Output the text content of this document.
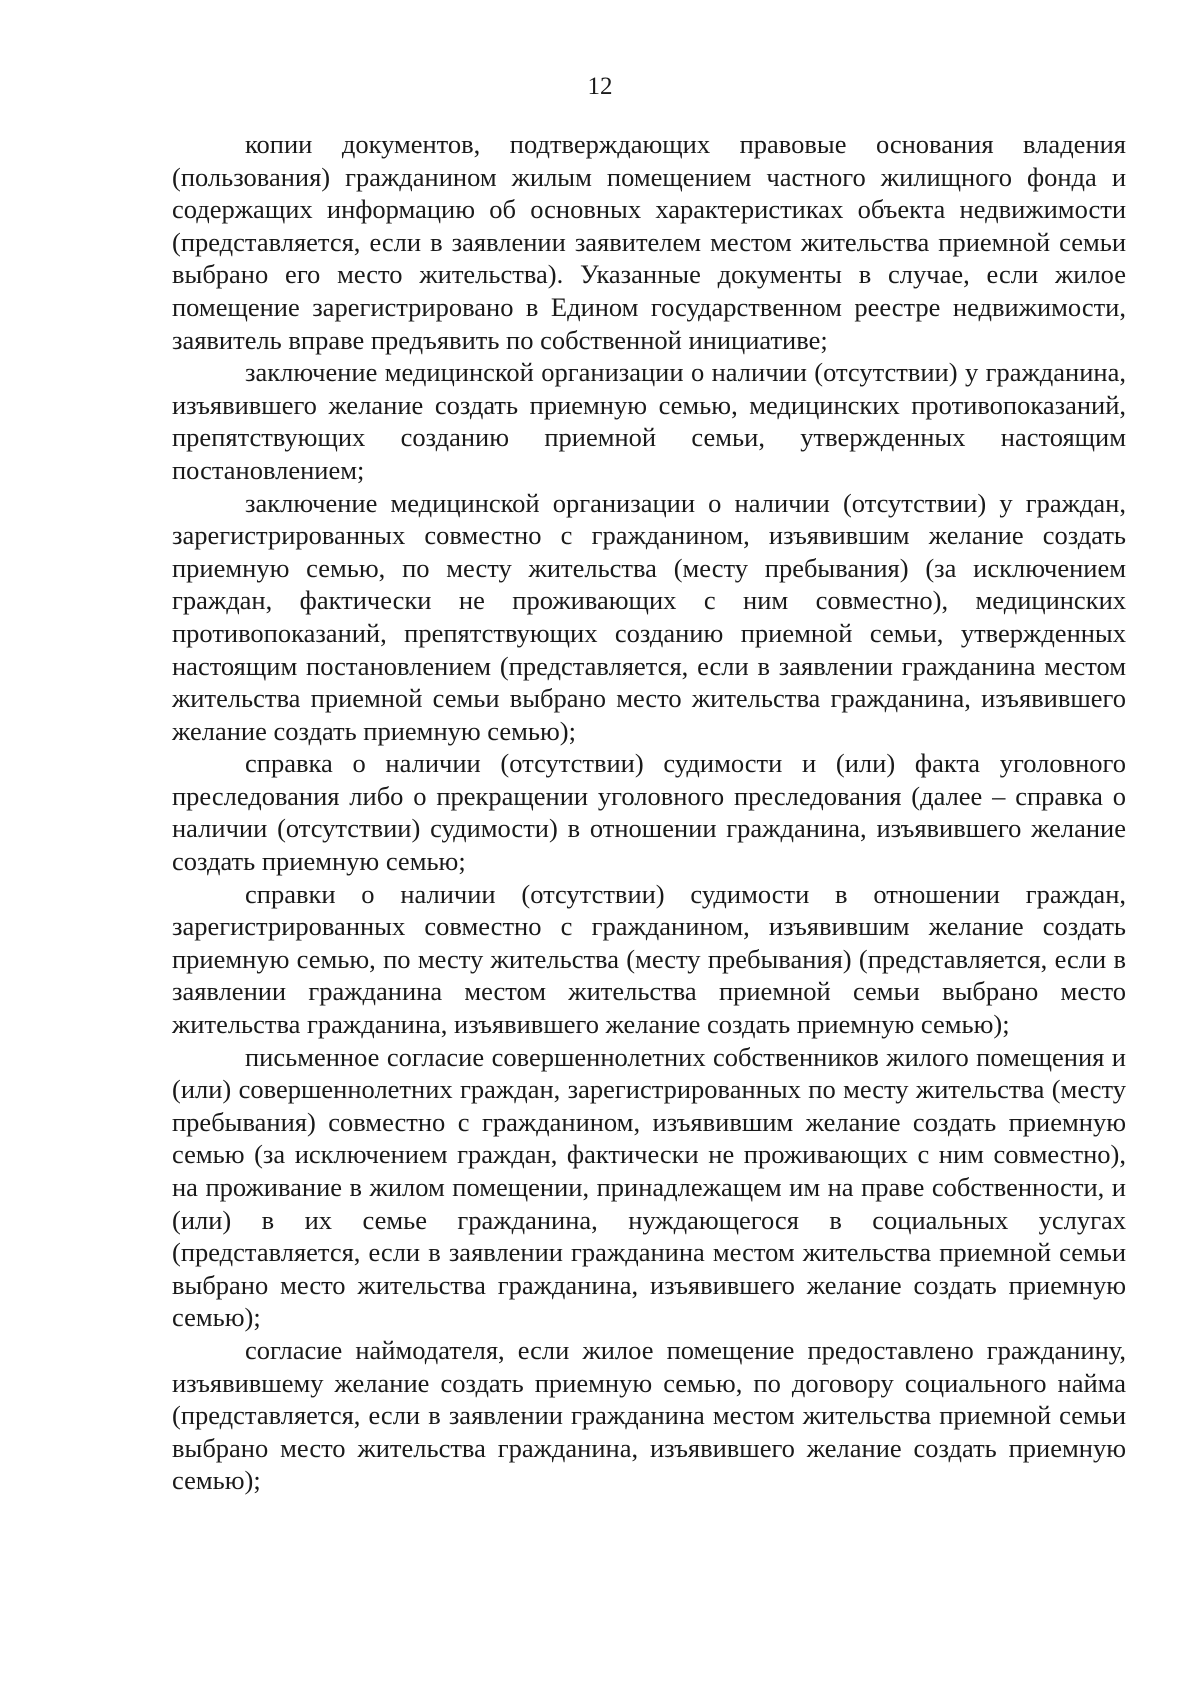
12

копии документов, подтверждающих правовые основания владения (пользования) гражданином жилым помещением частного жилищного фонда и содержащих информацию об основных характеристиках объекта недвижимости (представляется, если в заявлении заявителем местом жительства приемной семьи выбрано его место жительства). Указанные документы в случае, если жилое помещение зарегистрировано в Едином государственном реестре недвижимости, заявитель вправе предъявить по собственной инициативе;

заключение медицинской организации о наличии (отсутствии) у гражданина, изъявившего желание создать приемную семью, медицинских противопоказаний, препятствующих созданию приемной семьи, утвержденных настоящим постановлением;

заключение медицинской организации о наличии (отсутствии) у граждан, зарегистрированных совместно с гражданином, изъявившим желание создать приемную семью, по месту жительства (месту пребывания) (за исключением граждан, фактически не проживающих с ним совместно), медицинских противопоказаний, препятствующих созданию приемной семьи, утвержденных настоящим постановлением (представляется, если в заявлении гражданина местом жительства приемной семьи выбрано место жительства гражданина, изъявившего желание создать приемную семью);

справка о наличии (отсутствии) судимости и (или) факта уголовного преследования либо о прекращении уголовного преследования (далее – справка о наличии (отсутствии) судимости) в отношении гражданина, изъявившего желание создать приемную семью;

справки о наличии (отсутствии) судимости в отношении граждан, зарегистрированных совместно с гражданином, изъявившим желание создать приемную семью, по месту жительства (месту пребывания) (представляется, если в заявлении гражданина местом жительства приемной семьи выбрано место жительства гражданина, изъявившего желание создать приемную семью);

письменное согласие совершеннолетних собственников жилого помещения и (или) совершеннолетних граждан, зарегистрированных по месту жительства (месту пребывания) совместно с гражданином, изъявившим желание создать приемную семью (за исключением граждан, фактически не проживающих с ним совместно), на проживание в жилом помещении, принадлежащем им на праве собственности, и (или) в их семье гражданина, нуждающегося в социальных услугах (представляется, если в заявлении гражданина местом жительства приемной семьи выбрано место жительства гражданина, изъявившего желание создать приемную семью);

согласие наймодателя, если жилое помещение предоставлено гражданину, изъявившему желание создать приемную семью, по договору социального найма (представляется, если в заявлении гражданина местом жительства приемной семьи выбрано место жительства гражданина, изъявившего желание создать приемную семью);
